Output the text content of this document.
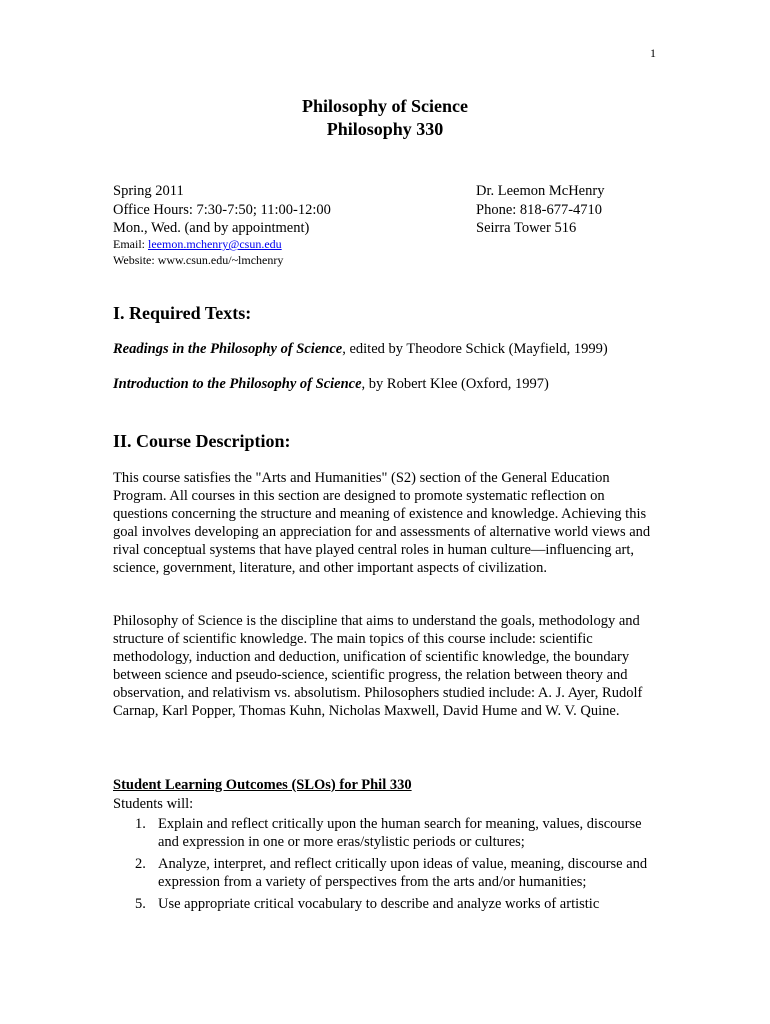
1
Philosophy of Science
Philosophy 330
Spring 2011
Office Hours: 7:30-7:50; 11:00-12:00
Mon., Wed. (and by appointment)
Dr. Leemon McHenry
Phone: 818-677-4710
Seirra Tower 516
Email: leemon.mchenry@csun.edu
Website: www.csun.edu/~lmchenry
I. Required Texts:
Readings in the Philosophy of Science, edited by Theodore Schick (Mayfield, 1999)
Introduction to the Philosophy of Science, by Robert Klee (Oxford, 1997)
II. Course Description:
This course satisfies the "Arts and Humanities" (S2) section of the General Education Program. All courses in this section are designed to promote systematic reflection on questions concerning the structure and meaning of existence and knowledge. Achieving this goal involves developing an appreciation for and assessments of alternative world views and rival conceptual systems that have played central roles in human culture—influencing art, science, government, literature, and other important aspects of civilization.
Philosophy of Science is the discipline that aims to understand the goals, methodology and structure of scientific knowledge. The main topics of this course include: scientific methodology, induction and deduction, unification of scientific knowledge, the boundary between science and pseudo-science, scientific progress, the relation between theory and observation, and relativism vs. absolutism. Philosophers studied include: A. J. Ayer, Rudolf Carnap, Karl Popper, Thomas Kuhn, Nicholas Maxwell, David Hume and W. V. Quine.
Student Learning Outcomes (SLOs) for Phil 330
Students will:
1. Explain and reflect critically upon the human search for meaning, values, discourse and expression in one or more eras/stylistic periods or cultures;
2. Analyze, interpret, and reflect critically upon ideas of value, meaning, discourse and expression from a variety of perspectives from the arts and/or humanities;
5. Use appropriate critical vocabulary to describe and analyze works of artistic
